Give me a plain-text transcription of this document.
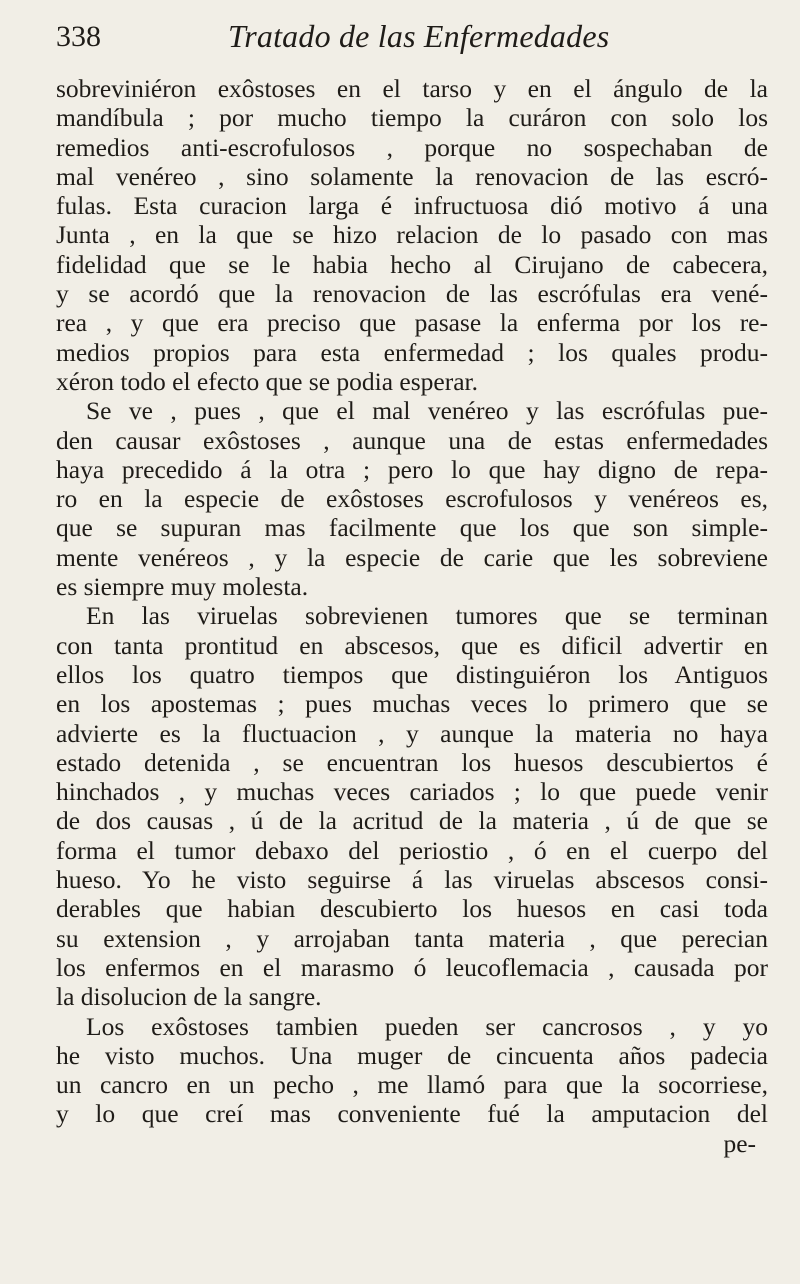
338	Tratado de las Enfermedades
sobreviniéron exôstoses en el tarso y en el ángulo de la
mandíbula ; por mucho tiempo la curáron con solo los
remedios anti-escrofulosos , porque no sospechaban de
mal venéreo , sino solamente la renovacion de las escró-
fulas. Esta curacion larga é infructuosa dió motivo á una
Junta , en la que se hizo relacion de lo pasado con mas
fidelidad que se le habia hecho al Cirujano de cabecera,
y se acordó que la renovacion de las escrófulas era vené-
rea , y que era preciso que pasase la enferma por los re-
medios propios para esta enfermedad ; los quales produ-
xéron todo el efecto que se podia esperar.
Se ve , pues , que el mal venéreo y las escrófulas pue-
den causar exôstoses , aunque una de estas enfermedades
haya precedido á la otra ; pero lo que hay digno de repa-
ro en la especie de exôstoses escrofulosos y venéreos es,
que se supuran mas facilmente que los que son simple-
mente venéreos , y la especie de carie que les sobreviene
es siempre muy molesta.
En las viruelas sobrevienen tumores que se terminan
con tanta prontitud en abscesos, que es dificil advertir en
ellos los quatro tiempos que distinguiéron los Antiguos
en los apostemas ; pues muchas veces lo primero que se
advierte es la fluctuacion , y aunque la materia no haya
estado detenida , se encuentran los huesos descubiertos é
hinchados , y muchas veces cariados ; lo que puede venir
de dos causas , ú de la acritud de la materia , ú de que se
forma el tumor debaxo del periostio , ó en el cuerpo del
hueso. Yo he visto seguirse á las viruelas abscesos consi-
derables que habian descubierto los huesos en casi toda
su extension , y arrojaban tanta materia , que perecian
los enfermos en el marasmo ó leucoflemacia , causada por
la disolucion de la sangre.
Los exôstoses tambien pueden ser cancrosos , y yo
he visto muchos. Una muger de cincuenta años padecia
un cancro en un pecho , me llamó para que la socorriese,
y lo que creí mas conveniente fué la amputacion del
pe-
